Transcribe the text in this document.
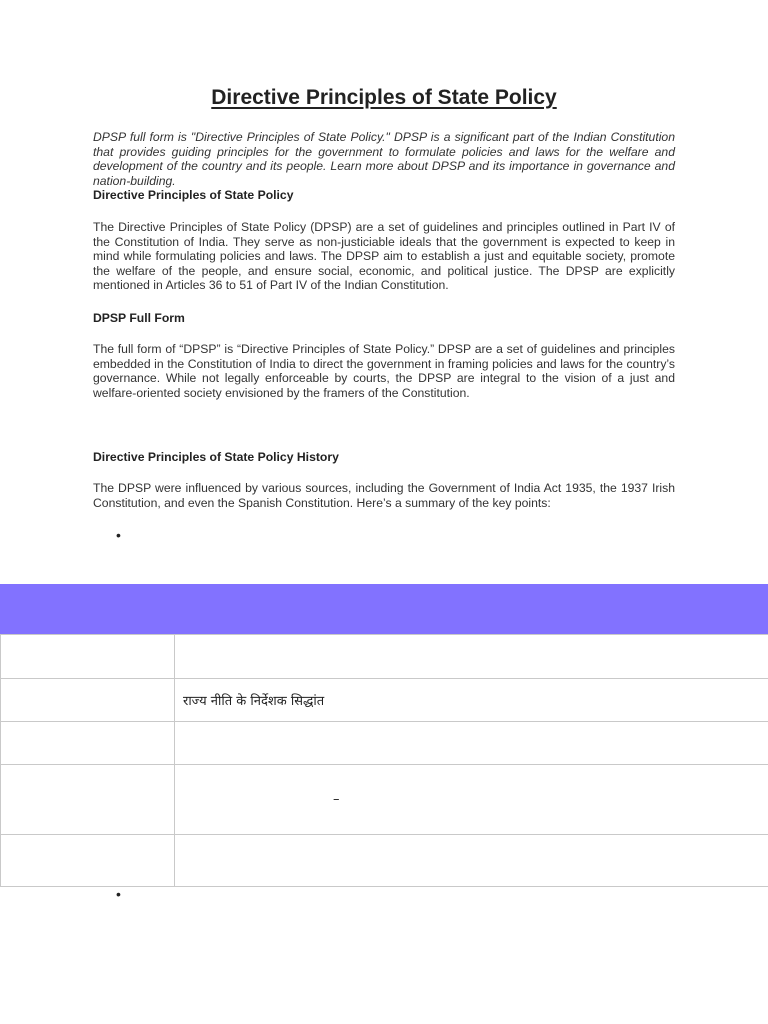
Directive Principles of State Policy
DPSP full form is "Directive Principles of State Policy." DPSP is a significant part of the Indian Constitution that provides guiding principles for the government to formulate policies and laws for the welfare and development of the country and its people. Learn more about DPSP and its importance in governance and nation-building.
Directive Principles of State Policy
The Directive Principles of State Policy (DPSP) are a set of guidelines and principles outlined in Part IV of the Constitution of India. They serve as non-justiciable ideals that the government is expected to keep in mind while formulating policies and laws. The DPSP aim to establish a just and equitable society, promote the welfare of the people, and ensure social, economic, and political justice. The DPSP are explicitly mentioned in Articles 36 to 51 of Part IV of the Indian Constitution.
DPSP Full Form
The full form of “DPSP” is “Directive Principles of State Policy.” DPSP are a set of guidelines and principles embedded in the Constitution of India to direct the government in framing policies and laws for the country’s governance. While not legally enforceable by courts, the DPSP are integral to the vision of a just and welfare-oriented society envisioned by the framers of the Constitution.
Directive Principles of State Policy History
The DPSP were influenced by various sources, including the Government of India Act 1935, the 1937 Irish Constitution, and even the Spanish Constitution. Here’s a summary of the key points:
•

	राज्य नीति के निर्देशक सिद्धांत

	–

•
